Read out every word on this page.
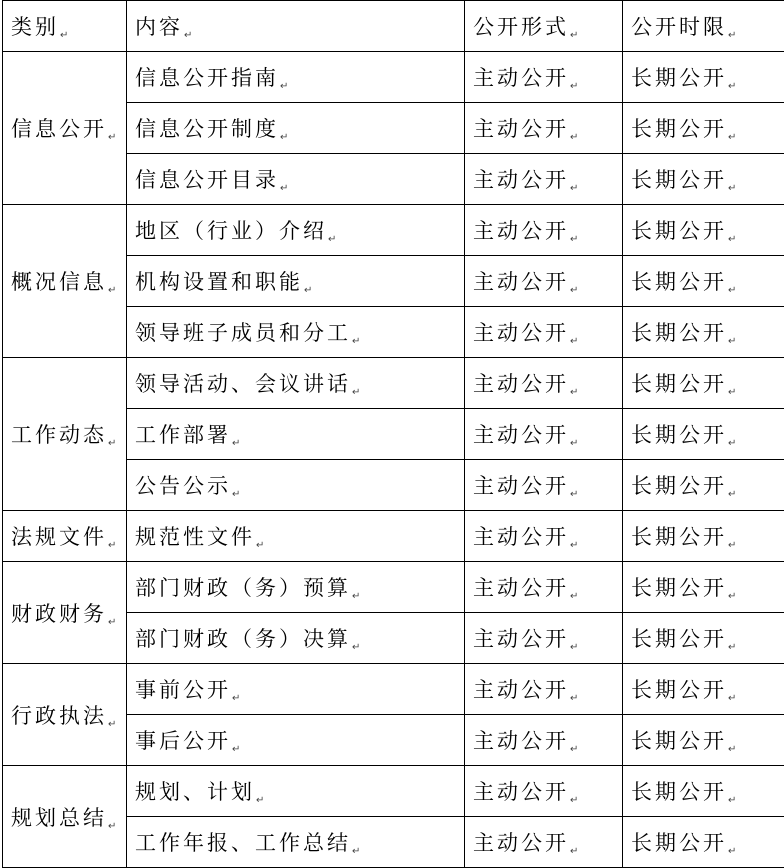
类别↵	内容↵	公开形式↵	公开时限↵
信息公开↵	信息公开指南↵	主动公开↵	长期公开↵
	信息公开制度↵	主动公开↵	长期公开↵
	信息公开目录↵	主动公开↵	长期公开↵
概况信息↵	地区（行业）介绍↵	主动公开↵	长期公开↵
	机构设置和职能↵	主动公开↵	长期公开↵
	领导班子成员和分工↵	主动公开↵	长期公开↵
工作动态↵	领导活动、会议讲话↵	主动公开↵	长期公开↵
	工作部署↵	主动公开↵	长期公开↵
	公告公示↵	主动公开↵	长期公开↵
法规文件↵	规范性文件↵	主动公开↵	长期公开↵
财政财务↵	部门财政（务）预算↵	主动公开↵	长期公开↵
	部门财政（务）决算↵	主动公开↵	长期公开↵
行政执法↵	事前公开↵	主动公开↵	长期公开↵
	事后公开↵	主动公开↵	长期公开↵
规划总结↵	规划、计划↵	主动公开↵	长期公开↵
	工作年报、工作总结↵	主动公开↵	长期公开↵
